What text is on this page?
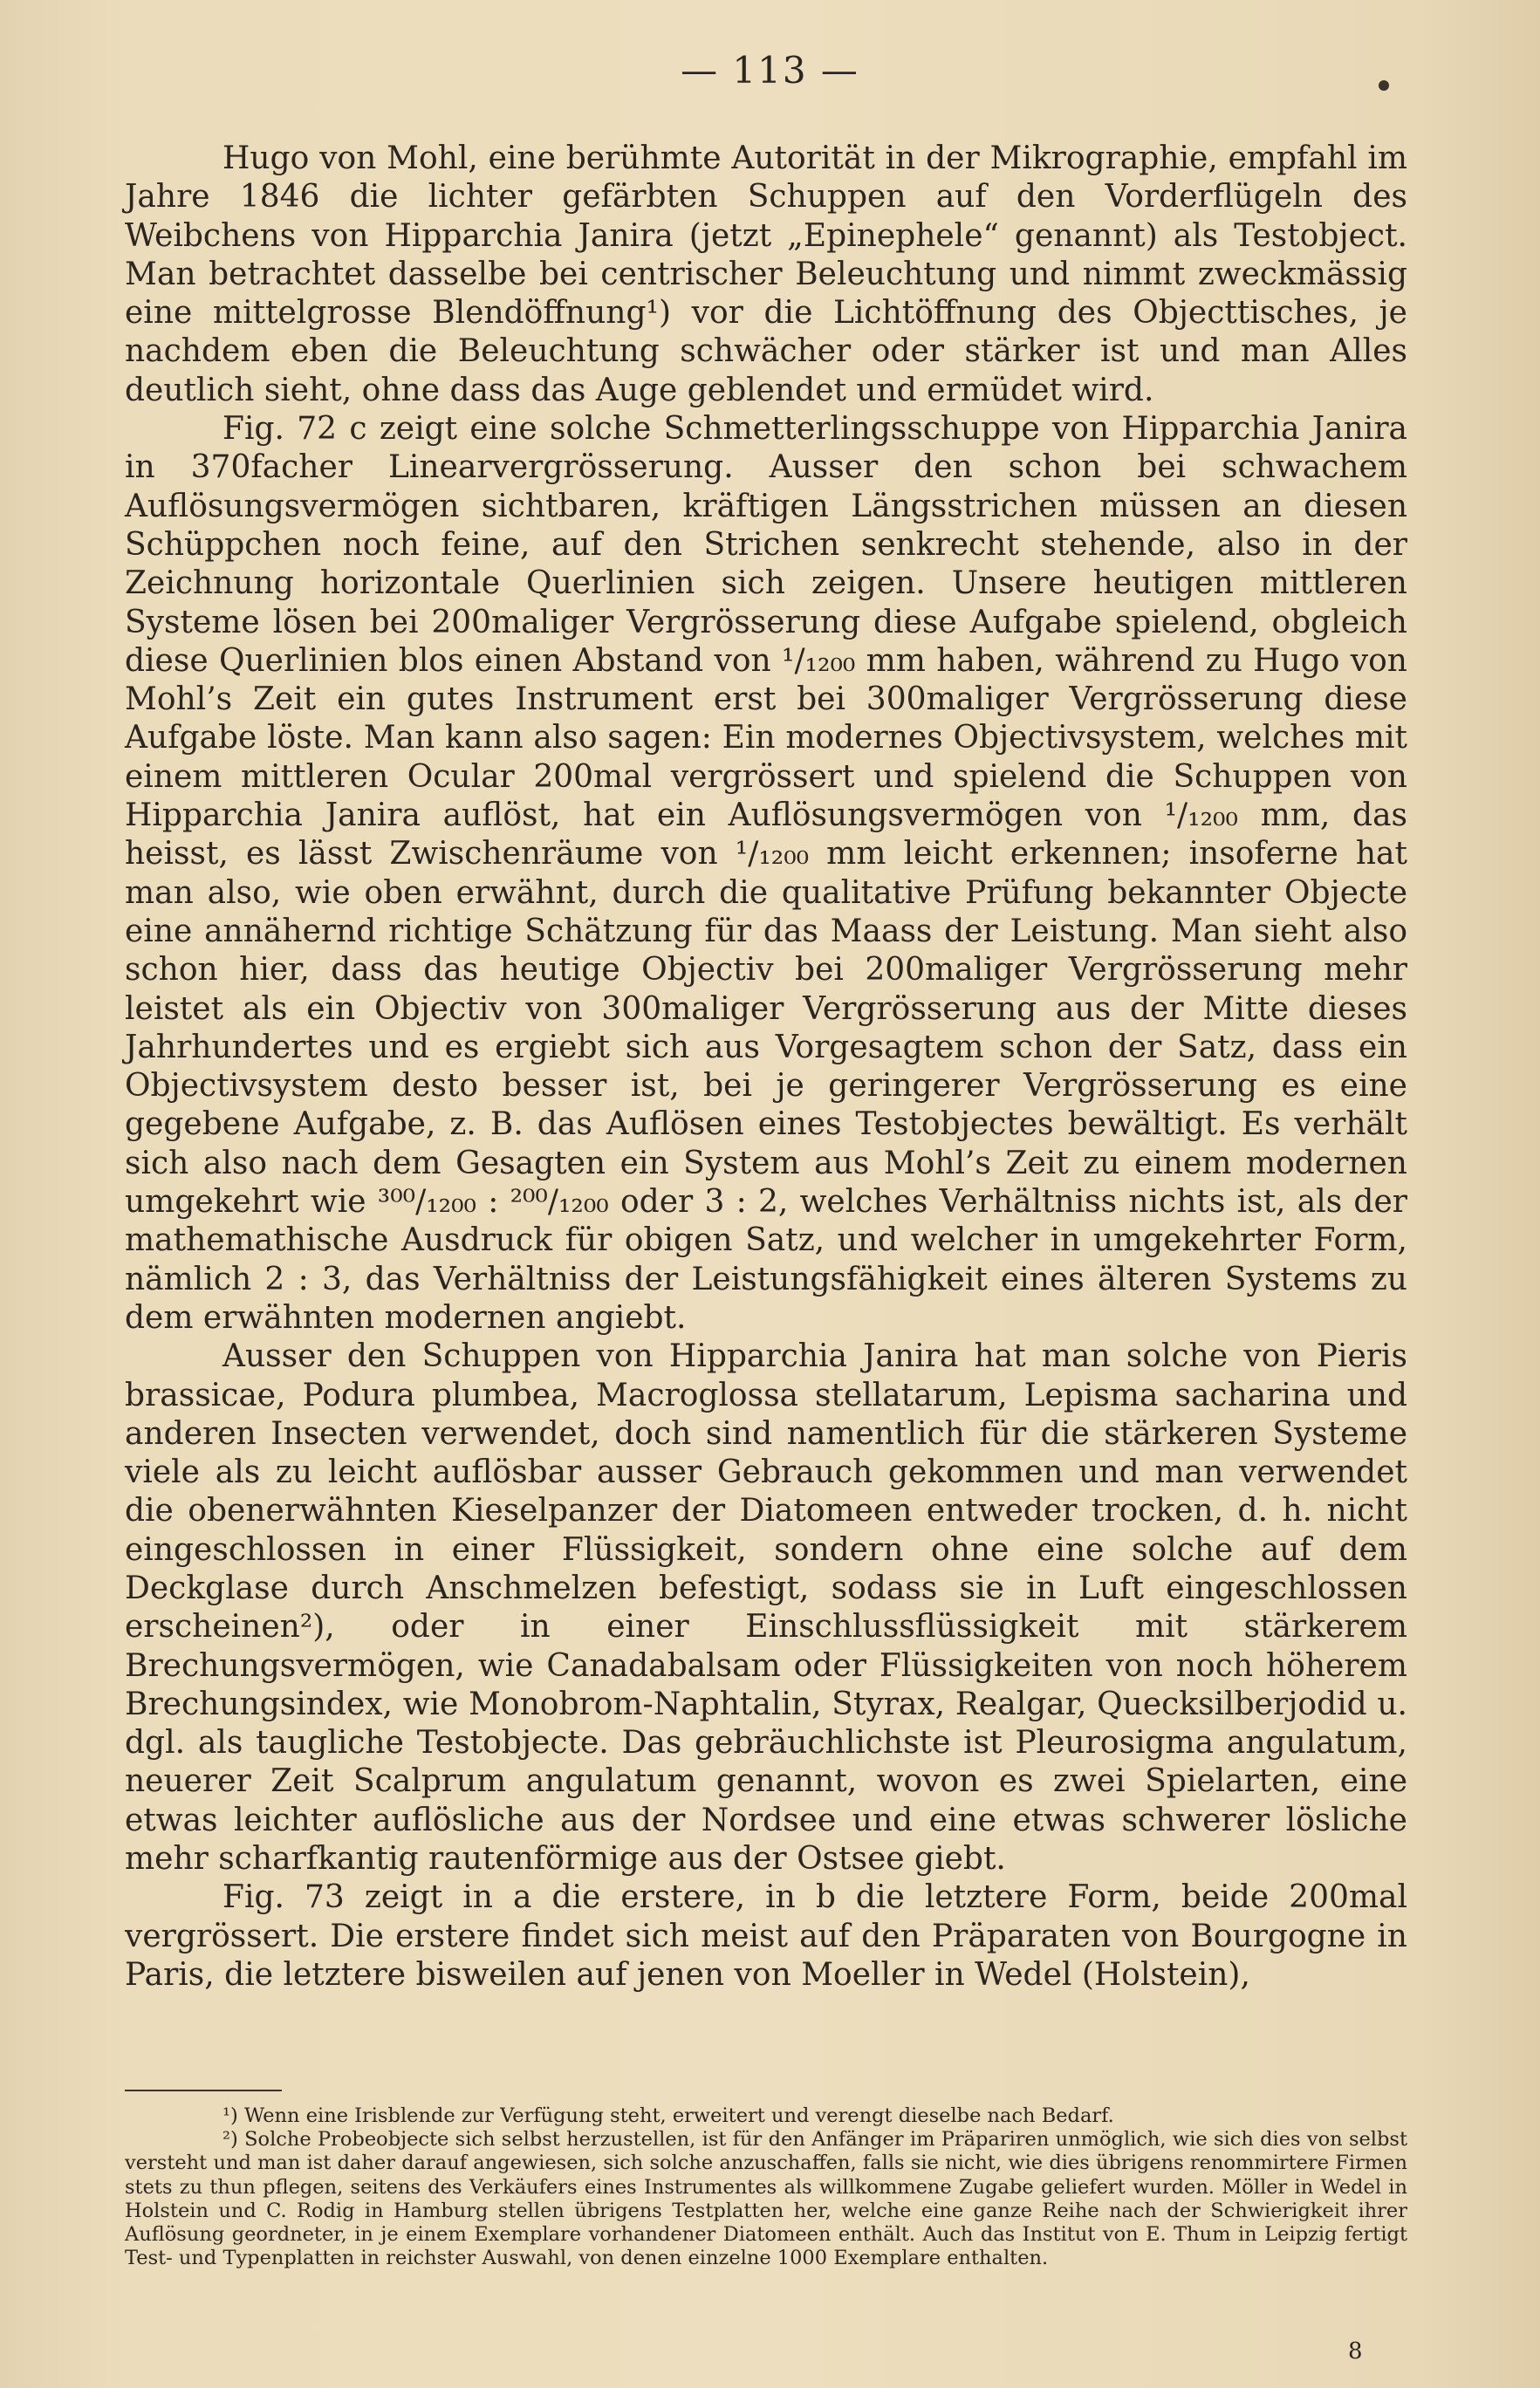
— 113 —

Hugo von Mohl, eine berühmte Autorität in der Mikrographie, empfahl im Jahre 1846 die lichter gefärbten Schuppen auf den Vorderflügeln des Weibchens von Hipparchia Janira (jetzt „Epinephele“ genannt) als Testobject. Man betrachtet dasselbe bei centrischer Beleuchtung und nimmt zweckmässig eine mittelgrosse Blendöffnung¹) vor die Lichtöffnung des Objecttisches, je nachdem eben die Beleuchtung schwächer oder stärker ist und man Alles deutlich sieht, ohne dass das Auge geblendet und ermüdet wird.

Fig. 72 c zeigt eine solche Schmetterlingsschuppe von Hipparchia Janira in 370facher Linearvergrösserung. Ausser den schon bei schwachem Auflösungsvermögen sichtbaren, kräftigen Längsstrichen müssen an diesen Schüppchen noch feine, auf den Strichen senkrecht stehende, also in der Zeichnung horizontale Querlinien sich zeigen. Unsere heutigen mittleren Systeme lösen bei 200maliger Vergrösserung diese Aufgabe spielend, obgleich diese Querlinien blos einen Abstand von ¹/₁₂₀₀ mm haben, während zu Hugo von Mohl’s Zeit ein gutes Instrument erst bei 300maliger Vergrösserung diese Aufgabe löste. Man kann also sagen: Ein modernes Objectivsystem, welches mit einem mittleren Ocular 200mal vergrössert und spielend die Schuppen von Hipparchia Janira auflöst, hat ein Auflösungsvermögen von ¹/₁₂₀₀ mm, das heisst, es lässt Zwischenräume von ¹/₁₂₀₀ mm leicht erkennen; insoferne hat man also, wie oben erwähnt, durch die qualitative Prüfung bekannter Objecte eine annähernd richtige Schätzung für das Maass der Leistung. Man sieht also schon hier, dass das heutige Objectiv bei 200maliger Vergrösserung mehr leistet als ein Objectiv von 300maliger Vergrösserung aus der Mitte dieses Jahrhundertes und es ergiebt sich aus Vorgesagtem schon der Satz, dass ein Objectivsystem desto besser ist, bei je geringerer Vergrösserung es eine gegebene Aufgabe, z. B. das Auflösen eines Testobjectes bewältigt. Es verhält sich also nach dem Gesagten ein System aus Mohl’s Zeit zu einem modernen umgekehrt wie ³⁰⁰/₁₂₀₀ : ²⁰⁰/₁₂₀₀ oder 3 : 2, welches Verhältniss nichts ist, als der mathemathische Ausdruck für obigen Satz, und welcher in umgekehrter Form, nämlich 2 : 3, das Verhältniss der Leistungsfähigkeit eines älteren Systems zu dem erwähnten modernen angiebt.

Ausser den Schuppen von Hipparchia Janira hat man solche von Pieris brassicae, Podura plumbea, Macroglossa stellatarum, Lepisma sacharina und anderen Insecten verwendet, doch sind namentlich für die stärkeren Systeme viele als zu leicht auflösbar ausser Gebrauch gekommen und man verwendet die obenerwähnten Kieselpanzer der Diatomeen entweder trocken, d. h. nicht eingeschlossen in einer Flüssigkeit, sondern ohne eine solche auf dem Deckglase durch Anschmelzen befestigt, sodass sie in Luft eingeschlossen erscheinen²), oder in einer Einschlussflüssigkeit mit stärkerem Brechungsvermögen, wie Canadabalsam oder Flüssigkeiten von noch höherem Brechungsindex, wie Monobrom-Naphtalin, Styrax, Realgar, Quecksilberjodid u. dgl. als taugliche Testobjecte. Das gebräuchlichste ist Pleurosigma angulatum, neuerer Zeit Scalprum angulatum genannt, wovon es zwei Spielarten, eine etwas leichter auflösliche aus der Nordsee und eine etwas schwerer lösliche mehr scharfkantig rautenförmige aus der Ostsee giebt.

Fig. 73 zeigt in a die erstere, in b die letztere Form, beide 200mal vergrössert. Die erstere findet sich meist auf den Präparaten von Bourgogne in Paris, die letztere bisweilen auf jenen von Moeller in Wedel (Holstein),

¹) Wenn eine Irisblende zur Verfügung steht, erweitert und verengt dieselbe nach Bedarf.

²) Solche Probeobjecte sich selbst herzustellen, ist für den Anfänger im Präpariren unmöglich, wie sich dies von selbst versteht und man ist daher darauf angewiesen, sich solche anzuschaffen, falls sie nicht, wie dies übrigens renommirtere Firmen stets zu thun pflegen, seitens des Verkäufers eines Instrumentes als willkommene Zugabe geliefert wurden. Möller in Wedel in Holstein und C. Rodig in Hamburg stellen übrigens Testplatten her, welche eine ganze Reihe nach der Schwierigkeit ihrer Auflösung geordneter, in je einem Exemplare vorhandener Diatomeen enthält. Auch das Institut von E. Thum in Leipzig fertigt Test- und Typenplatten in reichster Auswahl, von denen einzelne 1000 Exemplare enthalten.

8
